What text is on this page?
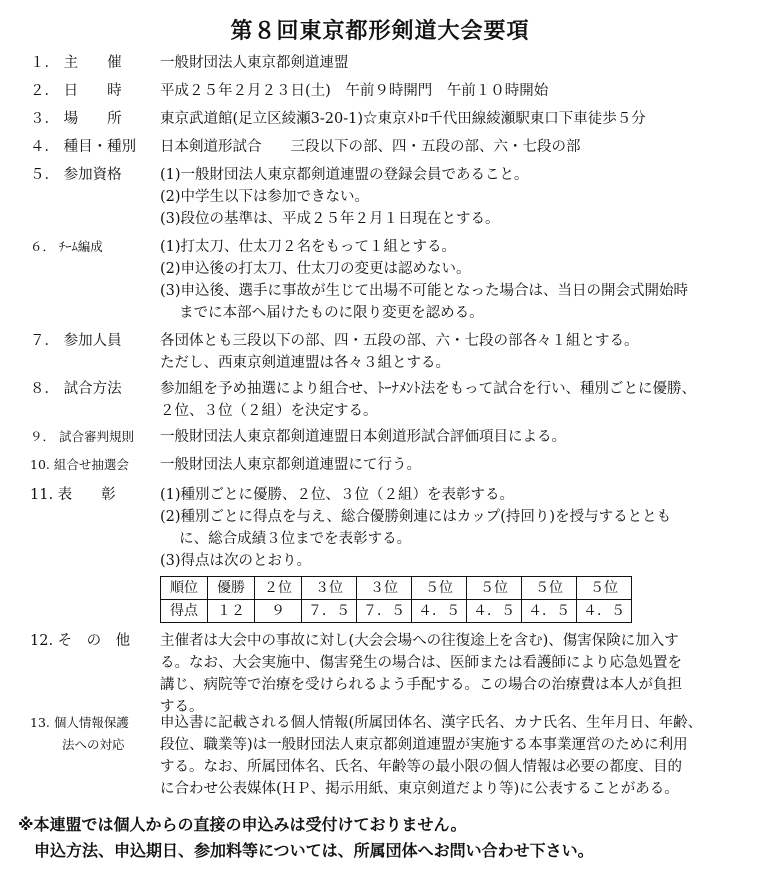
第８回東京都形剣道大会要項
１． 主　　催	一般財団法人東京都剣道連盟
２． 日　　時	平成２５年２月２３日(土)　午前９時開門　午前１０時開始
３． 場　　所	東京武道館(足立区綾瀬3-20-1)☆東京ﾒﾄﾛ千代田線綾瀬駅東口下車徒歩５分
４． 種目・種別	日本剣道形試合　　三段以下の部、四・五段の部、六・七段の部
５． 参加資格	(1)一般財団法人東京都剣道連盟の登録会員であること。
(2)中学生以下は参加できない。
(3)段位の基準は、平成２５年２月１日現在とする。
６． ﾁｰﾑ編成	(1)打太刀、仕太刀２名をもって１組とする。
(2)申込後の打太刀、仕太刀の変更は認めない。
(3)申込後、選手に事故が生じて出場不可能となった場合は、当日の開会式開始時
　 までに本部へ届けたものに限り変更を認める。
７． 参加人員	各団体とも三段以下の部、四・五段の部、六・七段の部各々１組とする。
ただし、西東京剣道連盟は各々３組とする。
８． 試合方法	参加組を予め抽選により組合せ、ﾄｰﾅﾒﾝﾄ法をもって試合を行い、種別ごとに優勝、
２位、３位（２組）を決定する。
９． 試合審判規則	一般財団法人東京都剣道連盟日本剣道形試合評価項目による。
10. 組合せ抽選会	一般財団法人東京都剣道連盟にて行う。
11. 表　　彰	(1)種別ごとに優勝、２位、３位（２組）を表彰する。
(2)種別ごとに得点を与え、総合優勝剣連にはカップ(持回り)を授与するととも
　 に、総合成績３位までを表彰する。
(3)得点は次のとおり。
順位	優勝	２位	３位	３位	５位	５位	５位	５位
得点	１２	９	７．５	７．５	４．５	４．５	４．５	４．５
12. そ　の　他	主催者は大会中の事故に対し(大会会場への往復途上を含む)、傷害保険に加入す
る。なお、大会実施中、傷害発生の場合は、医師または看護師により応急処置を
講じ、病院等で治療を受けられるよう手配する。この場合の治療費は本人が負担
する。
13. 個人情報保護
法への対応
申込書に記載される個人情報(所属団体名、漢字氏名、カナ氏名、生年月日、年齢、
段位、職業等)は一般財団法人東京都剣道連盟が実施する本事業運営のために利用
する。なお、所属団体名、氏名、年齢等の最小限の個人情報は必要の都度、目的
に合わせ公表媒体(ＨＰ、掲示用紙、東京剣道だより等)に公表することがある。
※本連盟では個人からの直接の申込みは受付けておりません。
　申込方法、申込期日、参加料等については、所属団体へお問い合わせ下さい。
